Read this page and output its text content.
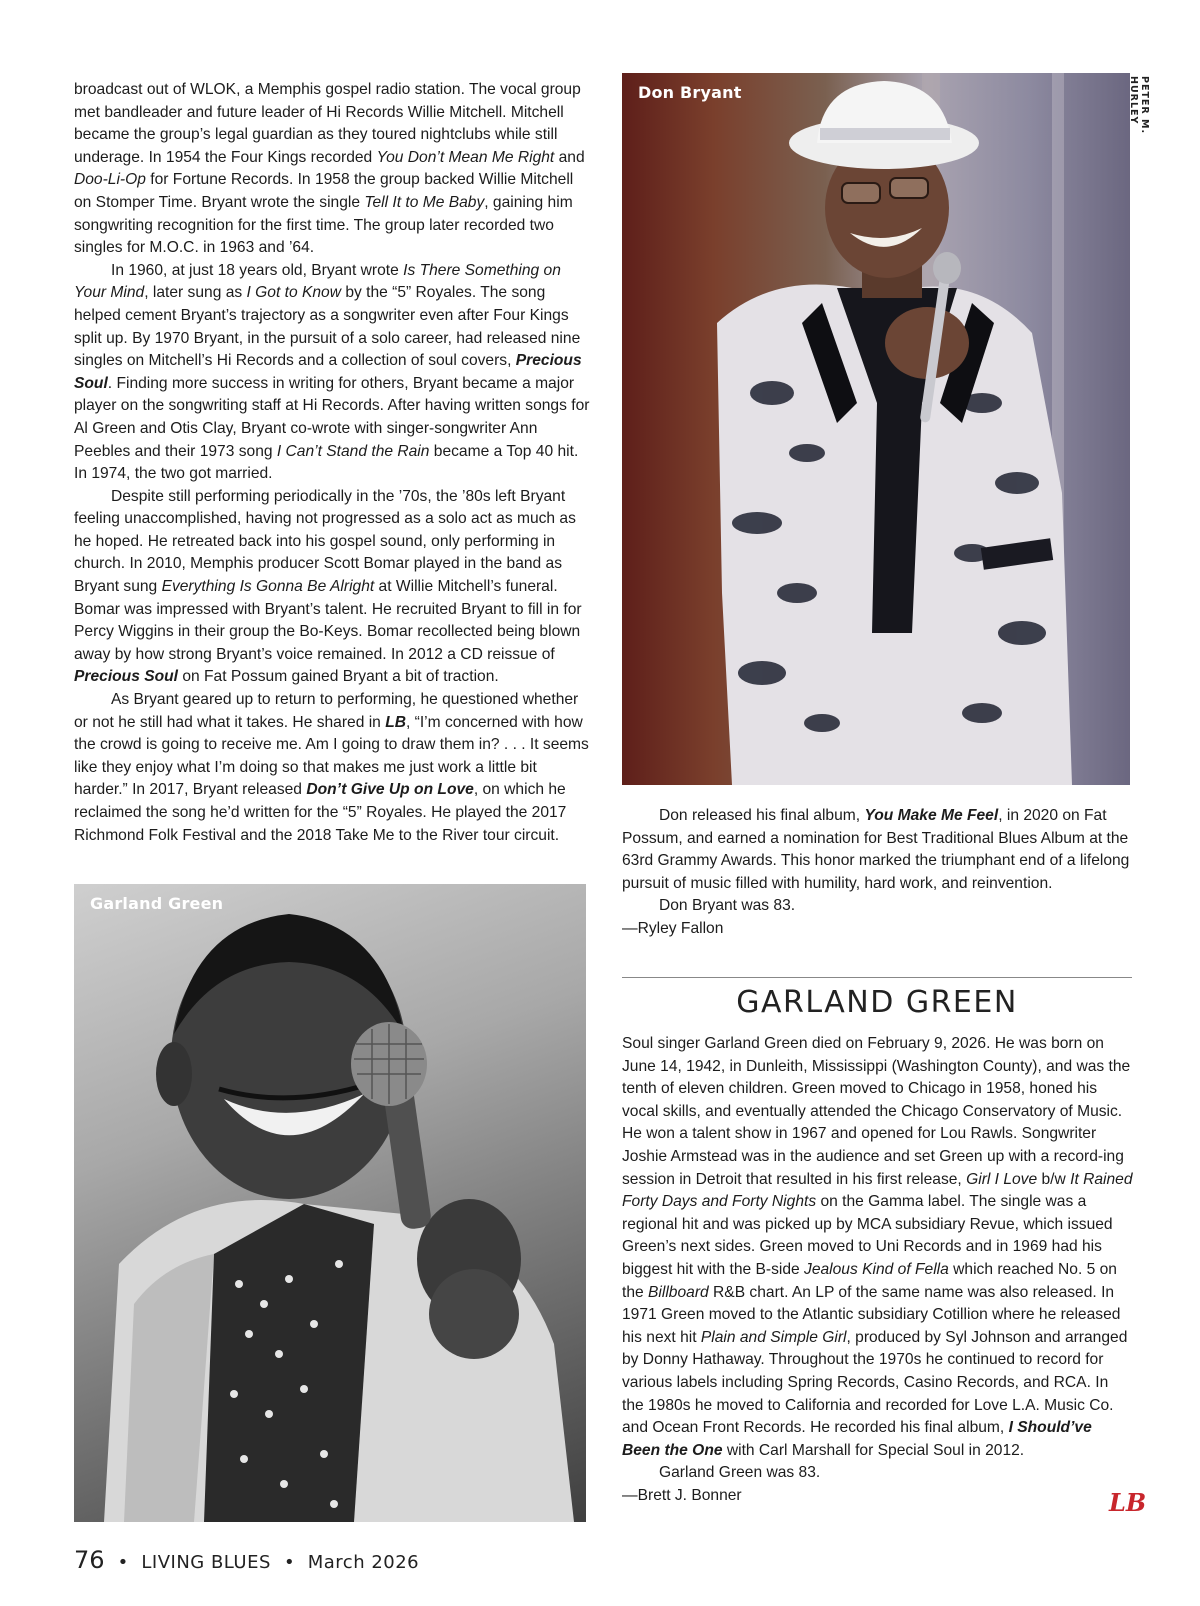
broadcast out of WLOK, a Memphis gospel radio station. The vocal group met bandleader and future leader of Hi Records Willie Mitchell. Mitchell became the group’s legal guardian as they toured nightclubs while still underage. In 1954 the Four Kings recorded You Don’t Mean Me Right and Doo-Li-Op for Fortune Records. In 1958 the group backed Willie Mitchell on Stomper Time. Bryant wrote the single Tell It to Me Baby, gaining him songwriting recognition for the first time. The group later recorded two singles for M.O.C. in 1963 and ’64.

In 1960, at just 18 years old, Bryant wrote Is There Something on Your Mind, later sung as I Got to Know by the “5” Royales. The song helped cement Bryant’s trajectory as a songwriter even after Four Kings split up. By 1970 Bryant, in the pursuit of a solo career, had released nine singles on Mitchell’s Hi Records and a collection of soul covers, Precious Soul. Finding more success in writing for others, Bryant became a major player on the songwriting staff at Hi Records. After having written songs for Al Green and Otis Clay, Bryant co-wrote with singer-songwriter Ann Peebles and their 1973 song I Can’t Stand the Rain became a Top 40 hit. In 1974, the two got married.

Despite still performing periodically in the ’70s, the ’80s left Bryant feeling unaccomplished, having not progressed as a solo act as much as he hoped. He retreated back into his gospel sound, only performing in church. In 2010, Memphis producer Scott Bomar played in the band as Bryant sung Everything Is Gonna Be Alright at Willie Mitchell’s funeral. Bomar was impressed with Bryant’s talent. He recruited Bryant to fill in for Percy Wiggins in their group the Bo-Keys. Bomar recollected being blown away by how strong Bryant’s voice remained. In 2012 a CD reissue of Precious Soul on Fat Possum gained Bryant a bit of traction.

As Bryant geared up to return to performing, he questioned whether or not he still had what it takes. He shared in LB, “I’m concerned with how the crowd is going to receive me. Am I going to draw them in? . . . It seems like they enjoy what I’m doing so that makes me just work a little bit harder.” In 2017, Bryant released Don’t Give Up on Love, on which he reclaimed the song he’d written for the “5” Royales. He played the 2017 Richmond Folk Festival and the 2018 Take Me to the River tour circuit.

Don Bryant	PETER M. HURLEY

Don released his final album, You Make Me Feel, in 2020 on Fat Possum, and earned a nomination for Best Traditional Blues Album at the 63rd Grammy Awards. This honor marked the triumphant end of a lifelong pursuit of music filled with humility, hard work, and reinvention.

Don Bryant was 83.

—Ryley Fallon

GARLAND GREEN
Garland Green

Soul singer Garland Green died on February 9, 2026. He was born on June 14, 1942, in Dunleith, Mississippi (Washington County), and was the tenth of eleven children. Green moved to Chicago in 1958, honed his vocal skills, and eventually attended the Chicago Conservatory of Music. He won a talent show in 1967 and opened for Lou Rawls. Songwriter Joshie Armstead was in the audience and set Green up with a record-ing session in Detroit that resulted in his first release, Girl I Love b/w It Rained Forty Days and Forty Nights on the Gamma label. The single was a regional hit and was picked up by MCA subsidiary Revue, which issued Green’s next sides. Green moved to Uni Records and in 1969 had his biggest hit with the B-side Jealous Kind of Fella which reached No. 5 on the Billboard R&B chart. An LP of the same name was also released. In 1971 Green moved to the Atlantic subsidiary Cotillion where he released his next hit Plain and Simple Girl, produced by Syl Johnson and arranged by Donny Hathaway. Throughout the 1970s he continued to record for various labels including Spring Records, Casino Records, and RCA. In the 1980s he moved to California and recorded for Love L.A. Music Co. and Ocean Front Records. He recorded his final album, I Should’ve Been the One with Carl Marshall for Special Soul in 2012.

Garland Green was 83.

—Brett J. Bonner	LB
76 • LIVING BLUES • March 2026
